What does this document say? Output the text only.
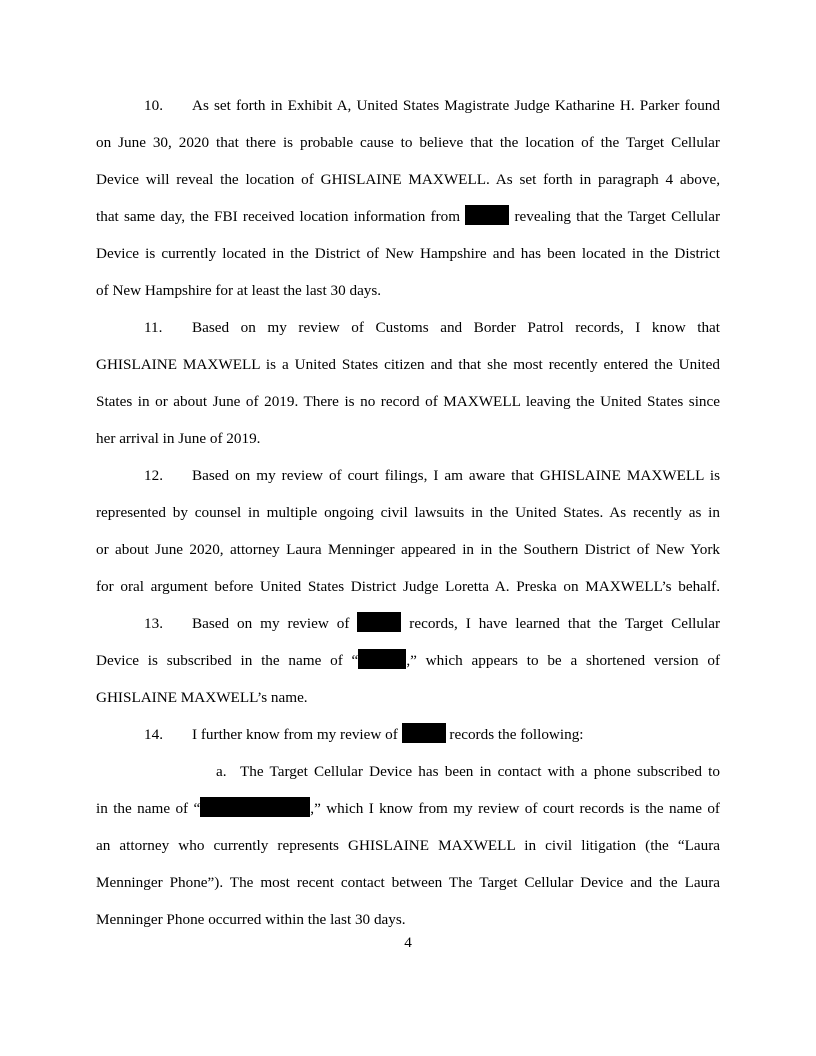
10. As set forth in Exhibit A, United States Magistrate Judge Katharine H. Parker found
on June 30, 2020 that there is probable cause to believe that the location of the Target Cellular
Device will reveal the location of GHISLAINE MAXWELL. As set forth in paragraph 4 above,
that same day, the FBI received location information from	revealing that the Target Cellular
Device is currently located in the District of New Hampshire and has been located in the District
of New Hampshire for at least the last 30 days.
11. Based on my review of Customs and Border Patrol records, I know that
GHISLAINE MAXWELL is a United States citizen and that she most recently entered the United
States in or about June of 2019. There is no record of MAXWELL leaving the United States since
her arrival in June of 2019.
12. Based on my review of court filings, I am aware that GHISLAINE MAXWELL is
represented by counsel in multiple ongoing civil lawsuits in the United States. As recently as in
or about June 2020, attorney Laura Menninger appeared in in the Southern District of New York
for oral argument before United States District Judge Loretta A. Preska on MAXWELL’s behalf.
13. Based on my review of	records, I have learned that the Target Cellular
Device is subscribed in the name of “	,” which appears to be a shortened version of
GHISLAINE MAXWELL’s name.
14. I further know from my review of	records the following:
a. The Target Cellular Device has been in contact with a phone subscribed to
in the name of “	,” which I know from my review of court records is the name of
an attorney who currently represents GHISLAINE MAXWELL in civil litigation (the “Laura
Menninger Phone”). The most recent contact between The Target Cellular Device and the Laura
Menninger Phone occurred within the last 30 days.
4
